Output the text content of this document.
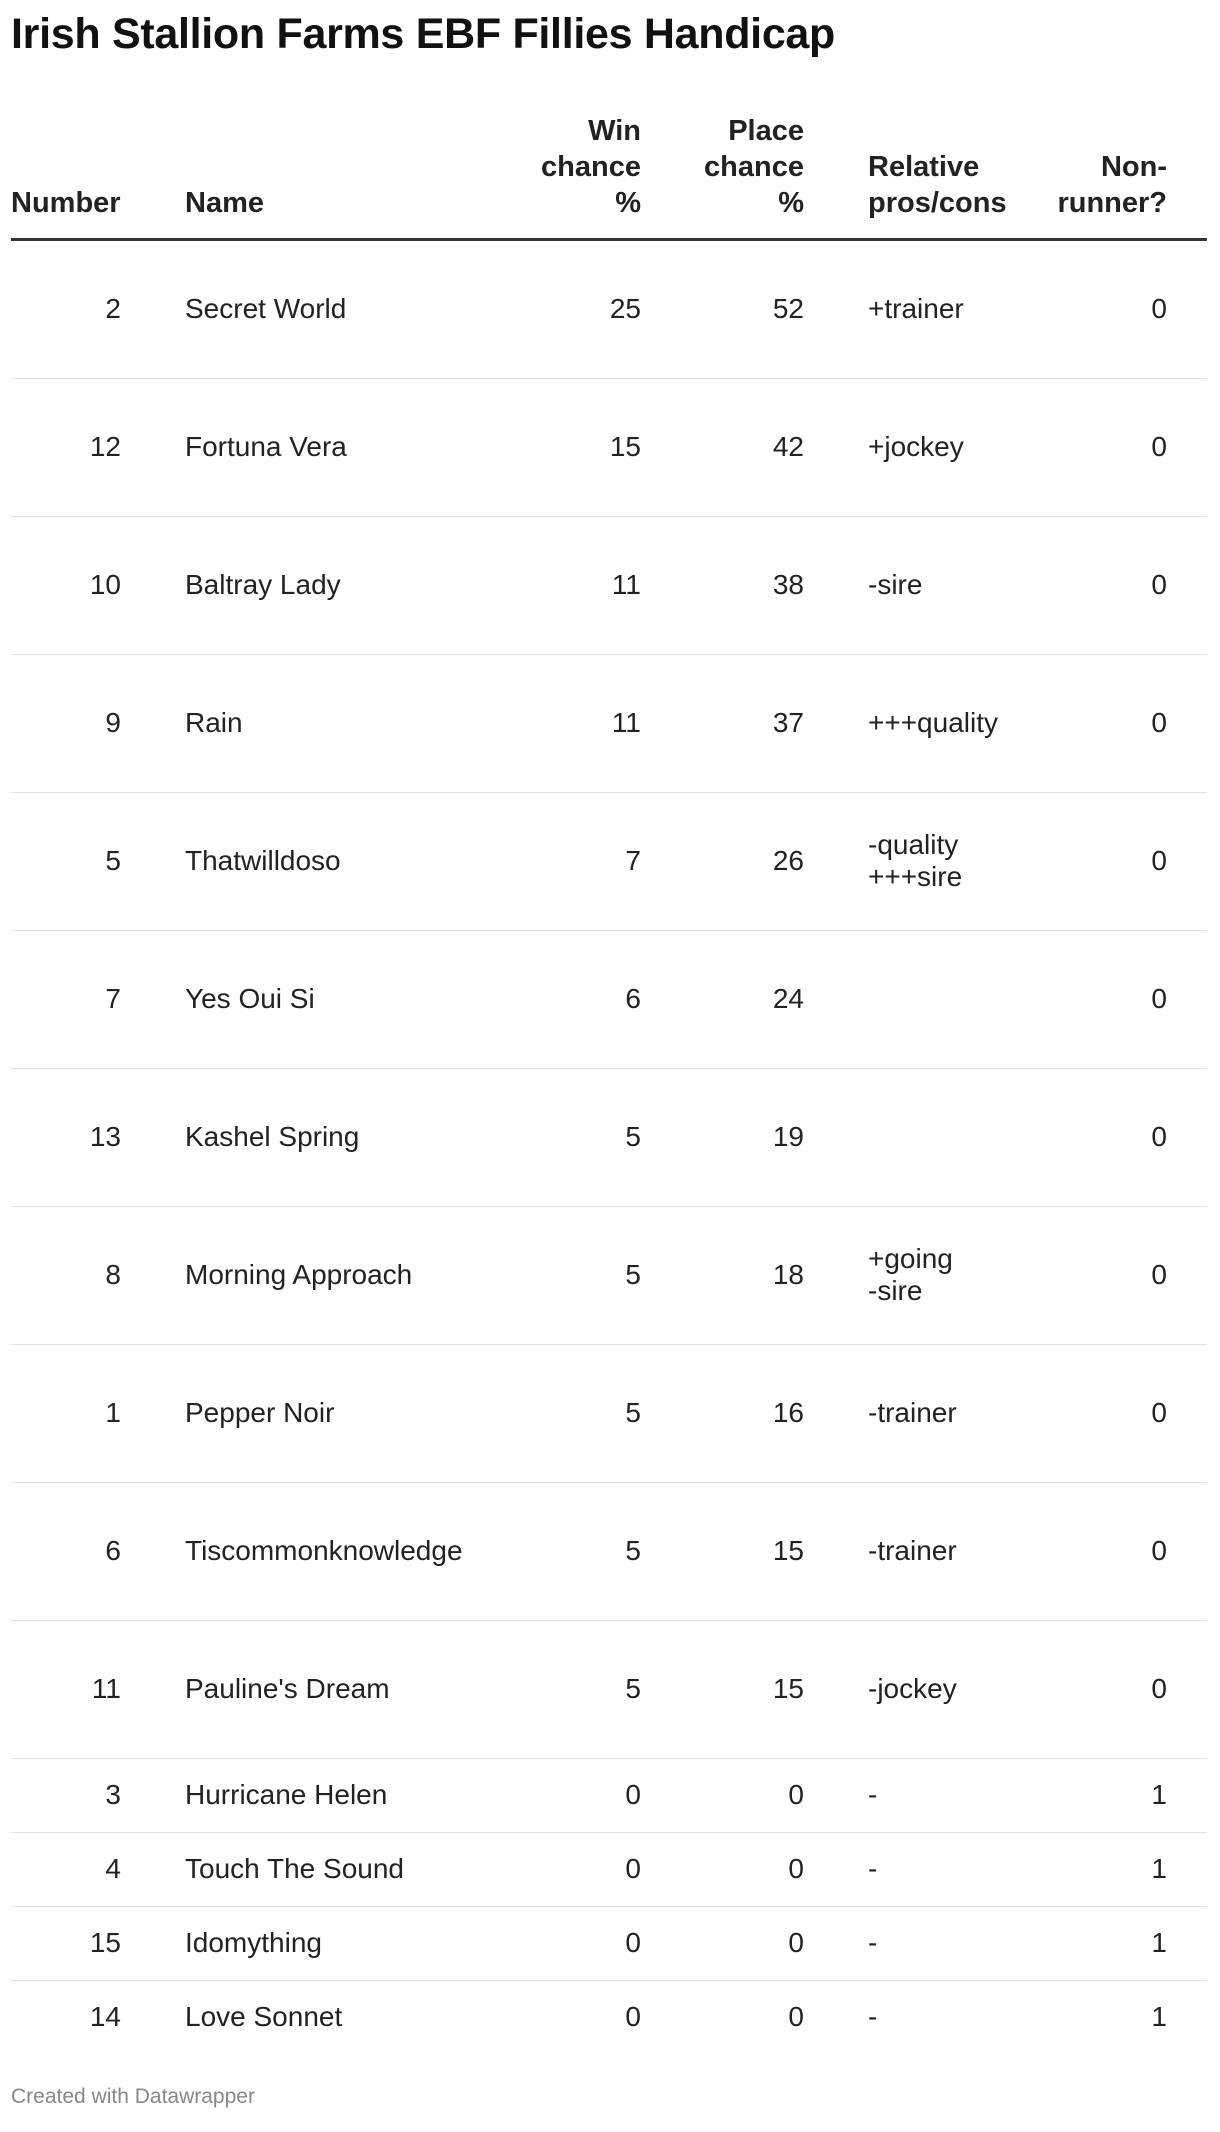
Irish Stallion Farms EBF Fillies Handicap
Number		Name	Win
chance
%	Place
chance
%		Relative
pros/cons	Non-
runner?	

2		Secret World	25	52		+trainer	0	
12		Fortuna Vera	15	42		+jockey	0	
10		Baltray Lady	11	38		-sire	0	
9		Rain	11	37		+++quality	0	
5		Thatwilldoso	7	26		-quality
+++sire	0	
7		Yes Oui Si	6	24			0	
13		Kashel Spring	5	19			0	
8		Morning Approach	5	18		+going
-sire	0	
1		Pepper Noir	5	16		-trainer	0	
6		Tiscommonknowledge	5	15		-trainer	0	
11		Pauline's Dream	5	15		-jockey	0	
3		Hurricane Helen	0	0		-	1	
4		Touch The Sound	0	0		-	1	
15		Idomything	0	0		-	1	
14		Love Sonnet	0	0		-	1	
Created with Datawrapper
